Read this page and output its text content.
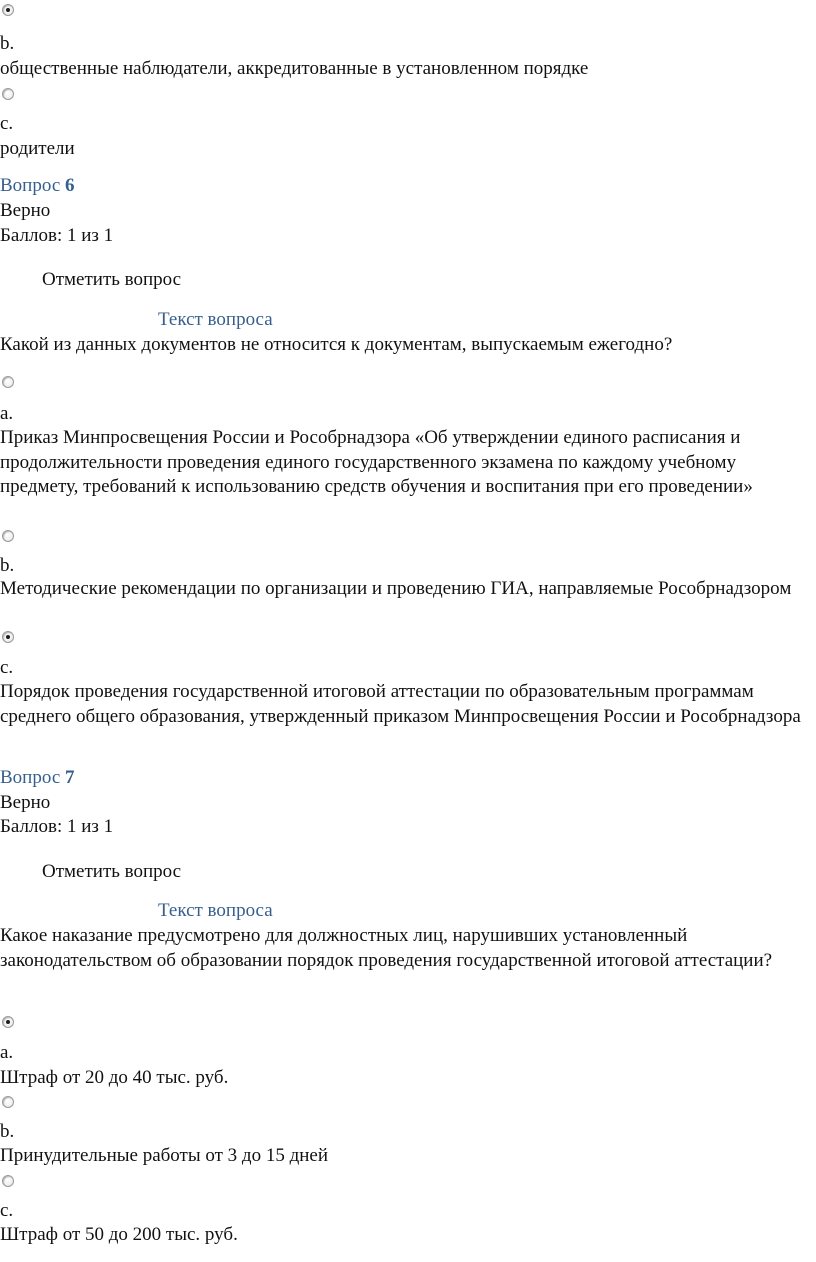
b.
общественные наблюдатели, аккредитованные в установленном порядке
c.
родители
Вопрос 6
Верно
Баллов: 1 из 1
Отметить вопрос
Текст вопроса
Какой из данных документов не относится к документам, выпускаемым ежегодно?
a.
Приказ Минпросвещения России и Рособрнадзора «Об утверждении единого расписания и продолжительности проведения единого государственного экзамена по каждому учебному предмету, требований к использованию средств обучения и воспитания при его проведении»
b.
Методические рекомендации по организации и проведению ГИА, направляемые Рособрнадзором
c.
Порядок проведения государственной итоговой аттестации по образовательным программам среднего общего образования, утвержденный приказом Минпросвещения России и Рособрнадзора
Вопрос 7
Верно
Баллов: 1 из 1
Отметить вопрос
Текст вопроса
Какое наказание предусмотрено для должностных лиц, нарушивших установленный законодательством об образовании порядок проведения государственной итоговой аттестации?
a.
Штраф от 20 до 40 тыс. руб.
b.
Принудительные работы от 3 до 15 дней
c.
Штраф от 50 до 200 тыс. руб.
